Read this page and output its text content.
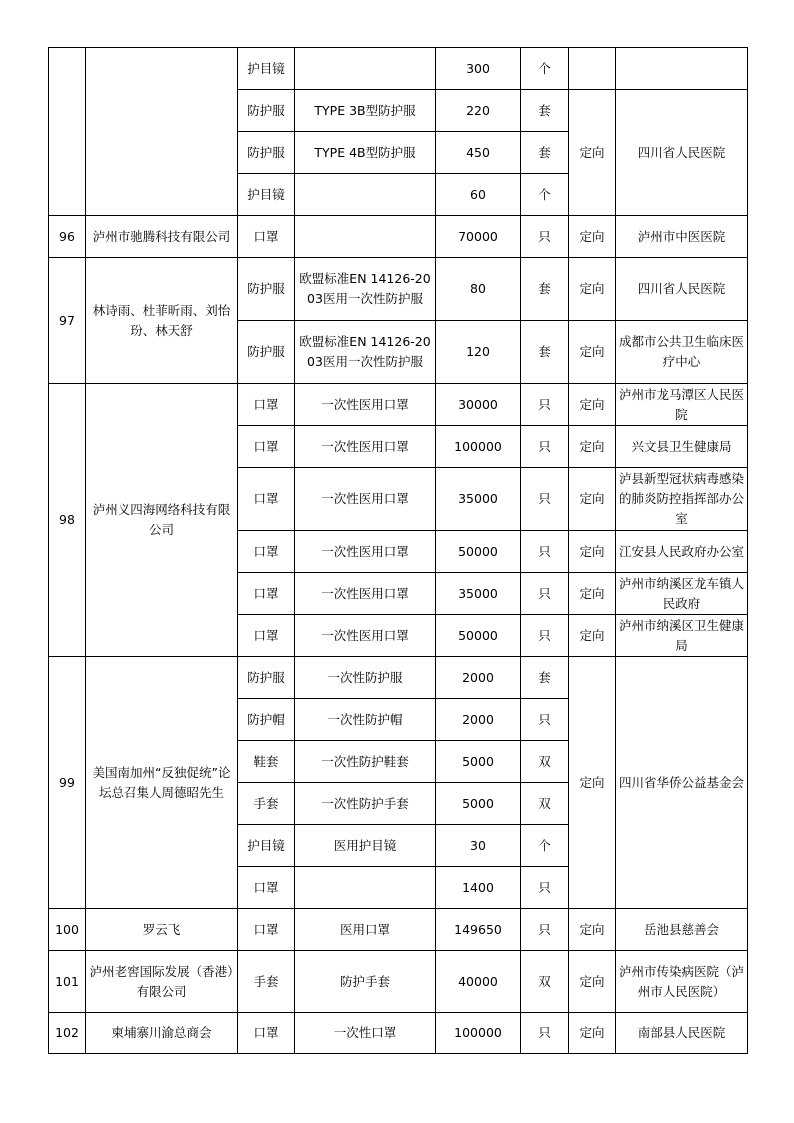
		护目镜		300	个		
		防护服	TYPE 3B型防护服	220	套	定向	四川省人民医院
		防护服	TYPE 4B型防护服	450	套		
		护目镜		60	个		
96	泸州市驰腾科技有限公司	口罩		70000	只	定向	泸州市中医医院
97	林诗雨、杜菲昕雨、刘怡玢、林天舒	防护服	欧盟标准EN 14126-2003医用一次性防护服	80	套	定向	四川省人民医院
		防护服	欧盟标准EN 14126-2003医用一次性防护服	120	套	定向	成都市公共卫生临床医疗中心
98	泸州义四海网络科技有限公司	口罩	一次性医用口罩	30000	只	定向	泸州市龙马潭区人民医院
		口罩	一次性医用口罩	100000	只	定向	兴文县卫生健康局
		口罩	一次性医用口罩	35000	只	定向	泸县新型冠状病毒感染的肺炎防控指挥部办公室
		口罩	一次性医用口罩	50000	只	定向	江安县人民政府办公室
		口罩	一次性医用口罩	35000	只	定向	泸州市纳溪区龙车镇人民政府
		口罩	一次性医用口罩	50000	只	定向	泸州市纳溪区卫生健康局
99	美国南加州“反独促统”论坛总召集人周德昭先生	防护服	一次性防护服	2000	套	定向	四川省华侨公益基金会
		防护帽	一次性防护帽	2000	只		
		鞋套	一次性防护鞋套	5000	双		
		手套	一次性防护手套	5000	双		
		护目镜	医用护目镜	30	个		
		口罩		1400	只		
100	罗云飞	口罩	医用口罩	149650	只	定向	岳池县慈善会
101	泸州老窖国际发展（香港）有限公司	手套	防护手套	40000	双	定向	泸州市传染病医院（泸州市人民医院）
102	柬埔寨川渝总商会	口罩	一次性口罩	100000	只	定向	南部县人民医院
